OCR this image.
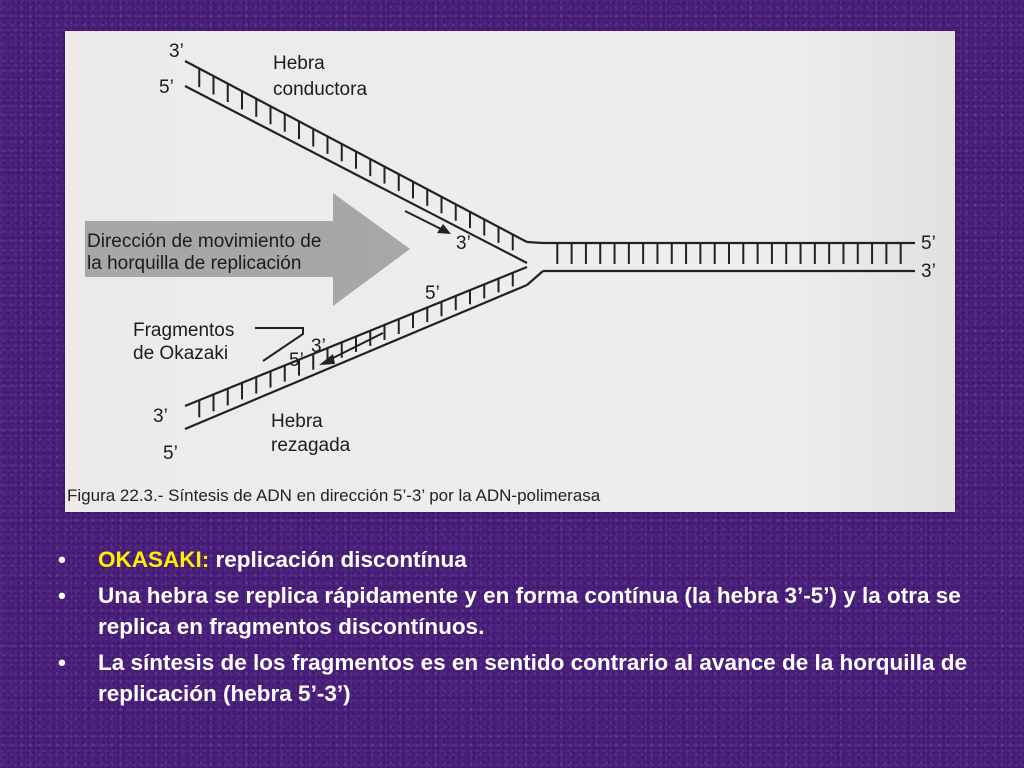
3’
5’
Hebra
conductora
Dirección de movimiento de
la horquilla de replicación
3’
5’
Fragmentos
de Okazaki	5’
3’
3’
5’
Hebra
rezagada
5’
3’
Figura 22.3.- Síntesis de ADN en dirección 5’-3’ por la ADN-polimerasa
• OKASAKI: replicación discontínua
• Una hebra se replica rápidamente y en forma contínua (la hebra 3’-5’) y la otra se replica en fragmentos discontínuos.
• La síntesis de los fragmentos es en sentido contrario al avance de la horquilla de replicación (hebra 5’-3’)
